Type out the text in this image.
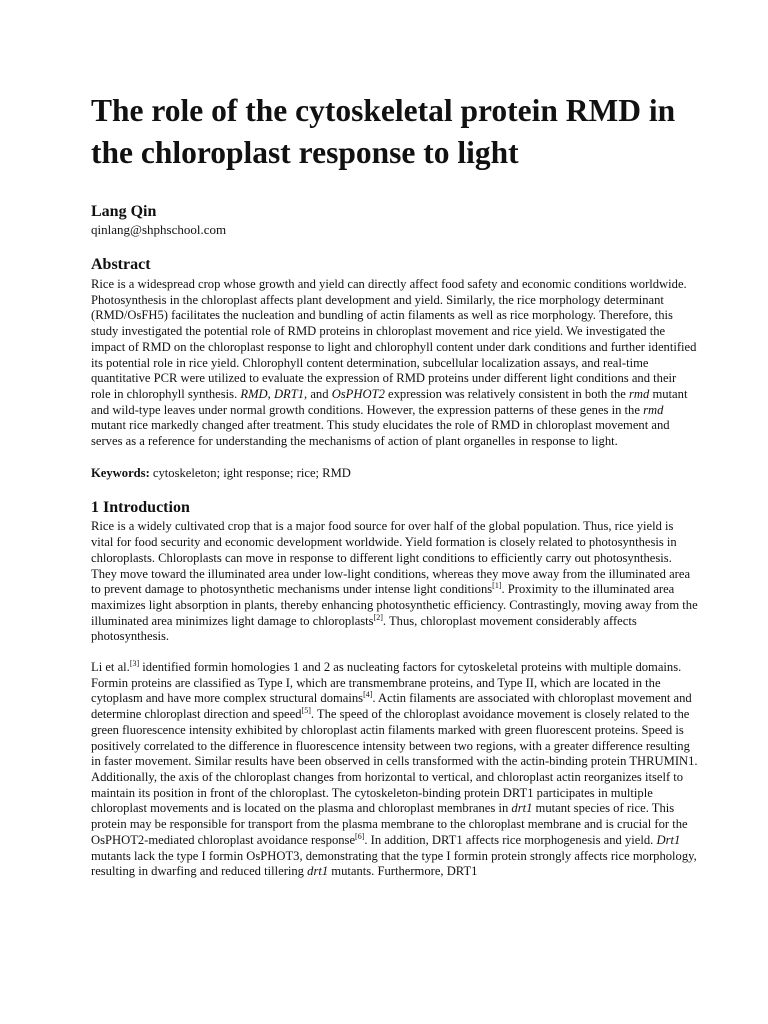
The role of the cytoskeletal protein RMD in the chloroplast response to light
Lang Qin
qinlang@shphschool.com
Abstract

Rice is a widespread crop whose growth and yield can directly affect food safety and economic conditions worldwide. Photosynthesis in the chloroplast affects plant development and yield. Similarly, the rice morphology determinant (RMD/OsFH5) facilitates the nucleation and bundling of actin filaments as well as rice morphology. Therefore, this study investigated the potential role of RMD proteins in chloroplast movement and rice yield. We investigated the impact of RMD on the chloroplast response to light and chlorophyll content under dark conditions and further identified its potential role in rice yield. Chlorophyll content determination, subcellular localization assays, and real-time quantitative PCR were utilized to evaluate the expression of RMD proteins under different light conditions and their role in chlorophyll synthesis. RMD, DRT1, and OsPHOT2 expression was relatively consistent in both the rmd mutant and wild-type leaves under normal growth conditions. However, the expression patterns of these genes in the rmd mutant rice markedly changed after treatment. This study elucidates the role of RMD in chloroplast movement and serves as a reference for understanding the mechanisms of action of plant organelles in response to light.

Keywords: cytoskeleton; ight response; rice; RMD

1 Introduction

Rice is a widely cultivated crop that is a major food source for over half of the global population. Thus, rice yield is vital for food security and economic development worldwide. Yield formation is closely related to photosynthesis in chloroplasts. Chloroplasts can move in response to different light conditions to efficiently carry out photosynthesis. They move toward the illuminated area under low-light conditions, whereas they move away from the illuminated area to prevent damage to photosynthetic mechanisms under intense light conditions[1]. Proximity to the illuminated area maximizes light absorption in plants, thereby enhancing photosynthetic efficiency. Contrastingly, moving away from the illuminated area minimizes light damage to chloroplasts[2]. Thus, chloroplast movement considerably affects photosynthesis.

Li et al.[3] identified formin homologies 1 and 2 as nucleating factors for cytoskeletal proteins with multiple domains. Formin proteins are classified as Type I, which are transmembrane proteins, and Type II, which are located in the cytoplasm and have more complex structural domains[4]. Actin filaments are associated with chloroplast movement and determine chloroplast direction and speed[5]. The speed of the chloroplast avoidance movement is closely related to the green fluorescence intensity exhibited by chloroplast actin filaments marked with green fluorescent proteins. Speed is positively correlated to the difference in fluorescence intensity between two regions, with a greater difference resulting in faster movement. Similar results have been observed in cells transformed with the actin-binding protein THRUMIN1. Additionally, the axis of the chloroplast changes from horizontal to vertical, and chloroplast actin reorganizes itself to maintain its position in front of the chloroplast. The cytoskeleton-binding protein DRT1 participates in multiple chloroplast movements and is located on the plasma and chloroplast membranes in drt1 mutant species of rice. This protein may be responsible for transport from the plasma membrane to the chloroplast membrane and is crucial for the OsPHOT2-mediated chloroplast avoidance response[6]. In addition, DRT1 affects rice morphogenesis and yield. Drt1 mutants lack the type I formin OsPHOT3, demonstrating that the type I formin protein strongly affects rice morphology, resulting in dwarfing and reduced tillering drt1 mutants. Furthermore, DRT1
